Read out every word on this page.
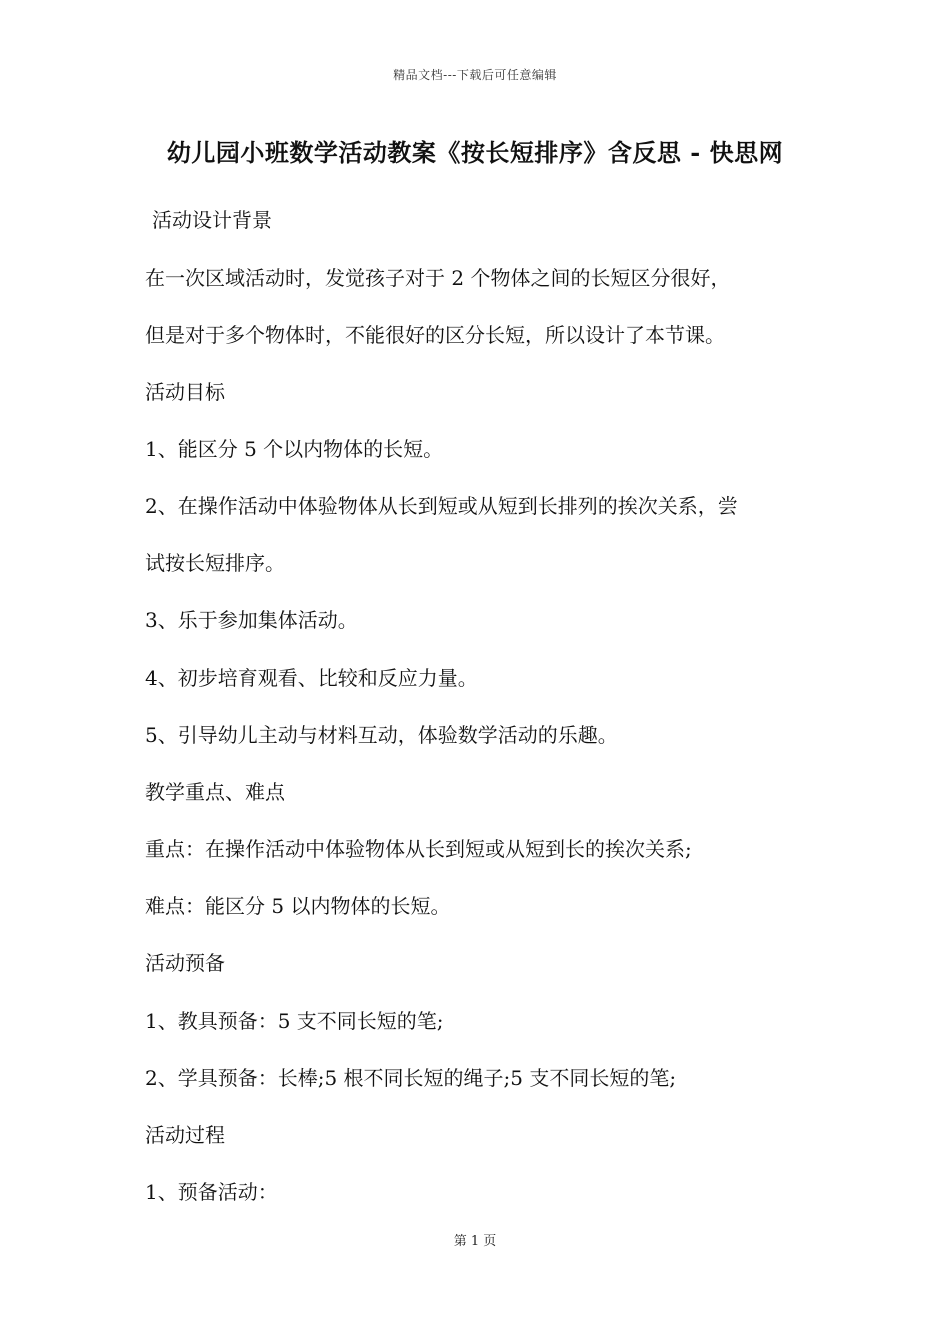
精品文档---下载后可任意编辑
幼儿园小班数学活动教案《按长短排序》含反思 - 快思网
活动设计背景
在一次区域活动时，发觉孩子对于 2 个物体之间的长短区分很好，
但是对于多个物体时，不能很好的区分长短，所以设计了本节课。
活动目标
1、能区分 5 个以内物体的长短。
2、在操作活动中体验物体从长到短或从短到长排列的挨次关系，尝
试按长短排序。
3、乐于参加集体活动。
4、初步培育观看、比较和反应力量。
5、引导幼儿主动与材料互动，体验数学活动的乐趣。
教学重点、难点
重点：在操作活动中体验物体从长到短或从短到长的挨次关系;
难点：能区分 5 以内物体的长短。
活动预备
1、教具预备：5 支不同长短的笔;
2、学具预备：长棒;5 根不同长短的绳子;5 支不同长短的笔;
活动过程
1、预备活动：
第 1 页
